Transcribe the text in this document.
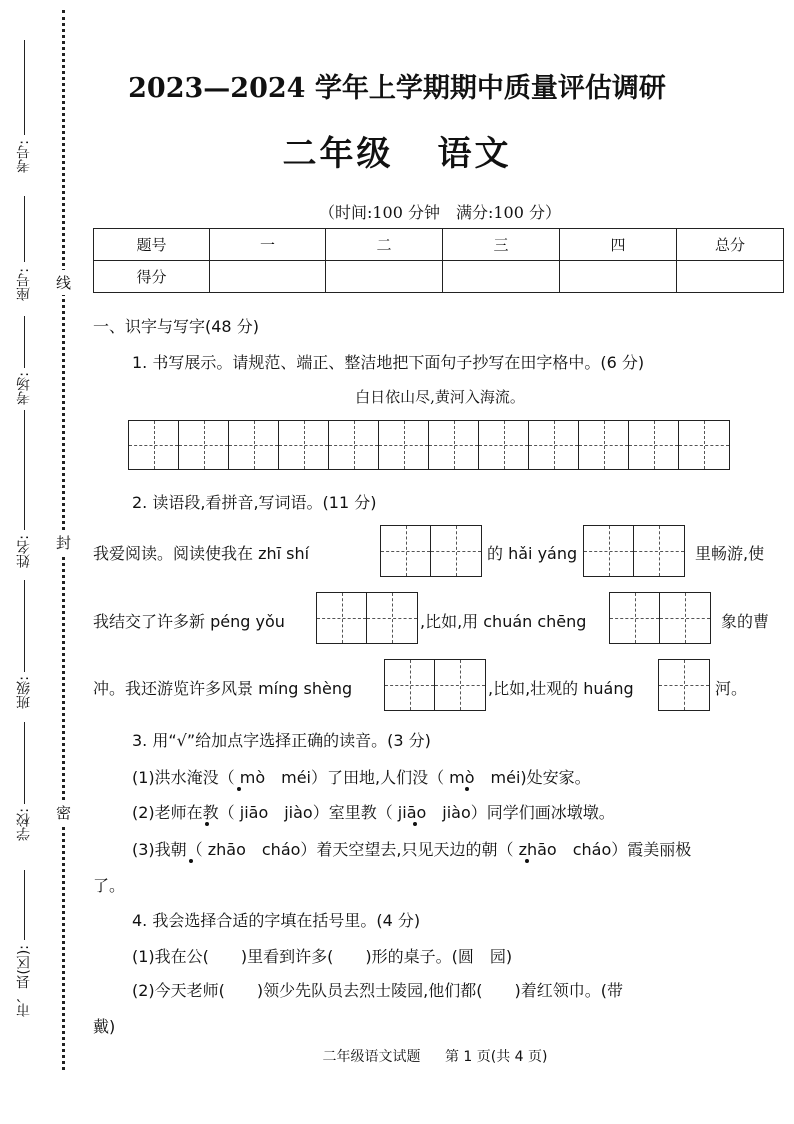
考号:
座号:
考场:
姓名:
班级:
学校:
市、县(区):
线
封
密
2023—2024 学年上学期期中质量评估调研
二年级 语文
（时间:100 分钟　满分:100 分）
题号	一	二	三	四	总分
得分					
一、识字与写字(48 分)
1. 书写展示。请规范、端正、整洁地把下面句子抄写在田字格中。(6 分)
白日依山尽,黄河入海流。
2. 读语段,看拼音,写词语。(11 分)
我爱阅读。阅读使我在 zhī shí	的 hǎi yáng	里畅游,使
我结交了许多新 péng yǒu	,比如,用 chuán chēng	象的曹
冲。我还游览许多风景 míng shèng	,比如,壮观的 huáng	河。
3. 用“√”给加点字选择正确的读音。(3 分)
(1)洪水淹没（ mò　méi）了田地,人们没（ mò　méi)处安家。
(2)老师在教（ jiāo　jiào）室里教（ jiāo　jiào）同学们画冰墩墩。
(3)我朝（ zhāo　cháo）着天空望去,只见天边的朝（ zhāo　cháo）霞美丽极
了。
4. 我会选择合适的字填在括号里。(4 分)
(1)我在公(　　)里看到许多(　　)形的桌子。(圆　园)
(2)今天老师(　　)领少先队员去烈士陵园,他们都(　　)着红领巾。(带
戴)
二年级语文试题 第 1 页(共 4 页)
